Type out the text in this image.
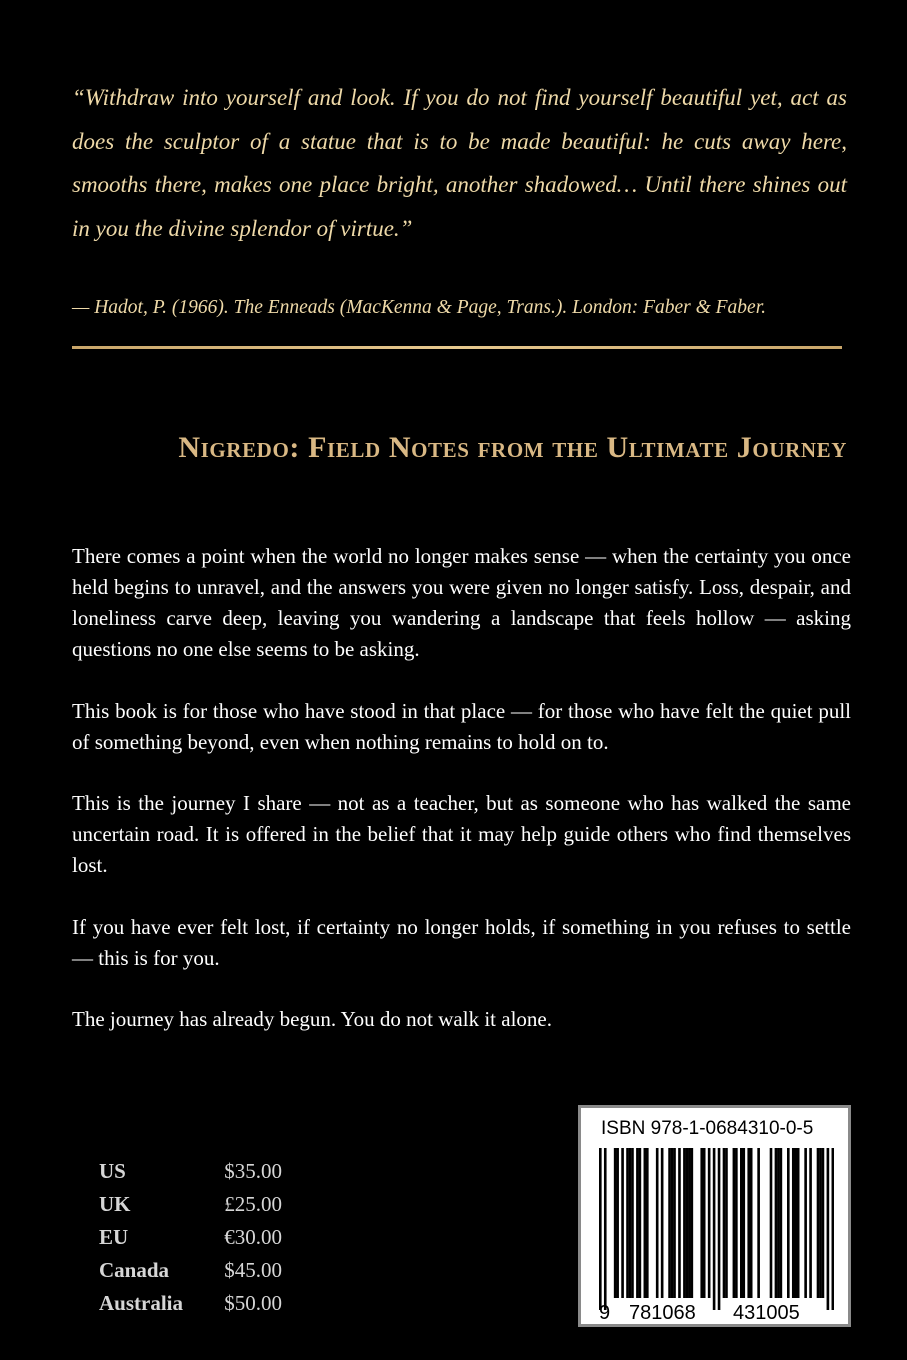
“Withdraw into yourself and look. If you do not find yourself beautiful yet, act as does the sculptor of a statue that is to be made beautiful: he cuts away here, smooths there, makes one place bright, another shadowed… Until there shines out in you the divine splendor of virtue.”

— Hadot, P. (1966). The Enneads (MacKenna & Page, Trans.). London: Faber & Faber.

Nigredo: Field Notes from the Ultimate Journey

There comes a point when the world no longer makes sense — when the certainty you once held begins to unravel, and the answers you were given no longer satisfy. Loss, despair, and loneliness carve deep, leaving you wandering a landscape that feels hollow — asking questions no one else seems to be asking.

This book is for those who have stood in that place — for those who have felt the quiet pull of something beyond, even when nothing remains to hold on to.

This is the journey I share — not as a teacher, but as someone who has walked the same uncertain road. It is offered in the belief that it may help guide others who find themselves lost.

If you have ever felt lost, if certainty no longer holds, if something in you refuses to settle — this is for you.

The journey has already begun. You do not walk it alone.

US	$35.00
UK	£25.00
EU	€30.00
Canada	$45.00
Australia	$50.00
ISBN 978-1-0684310-0-5
9 781068 431005
